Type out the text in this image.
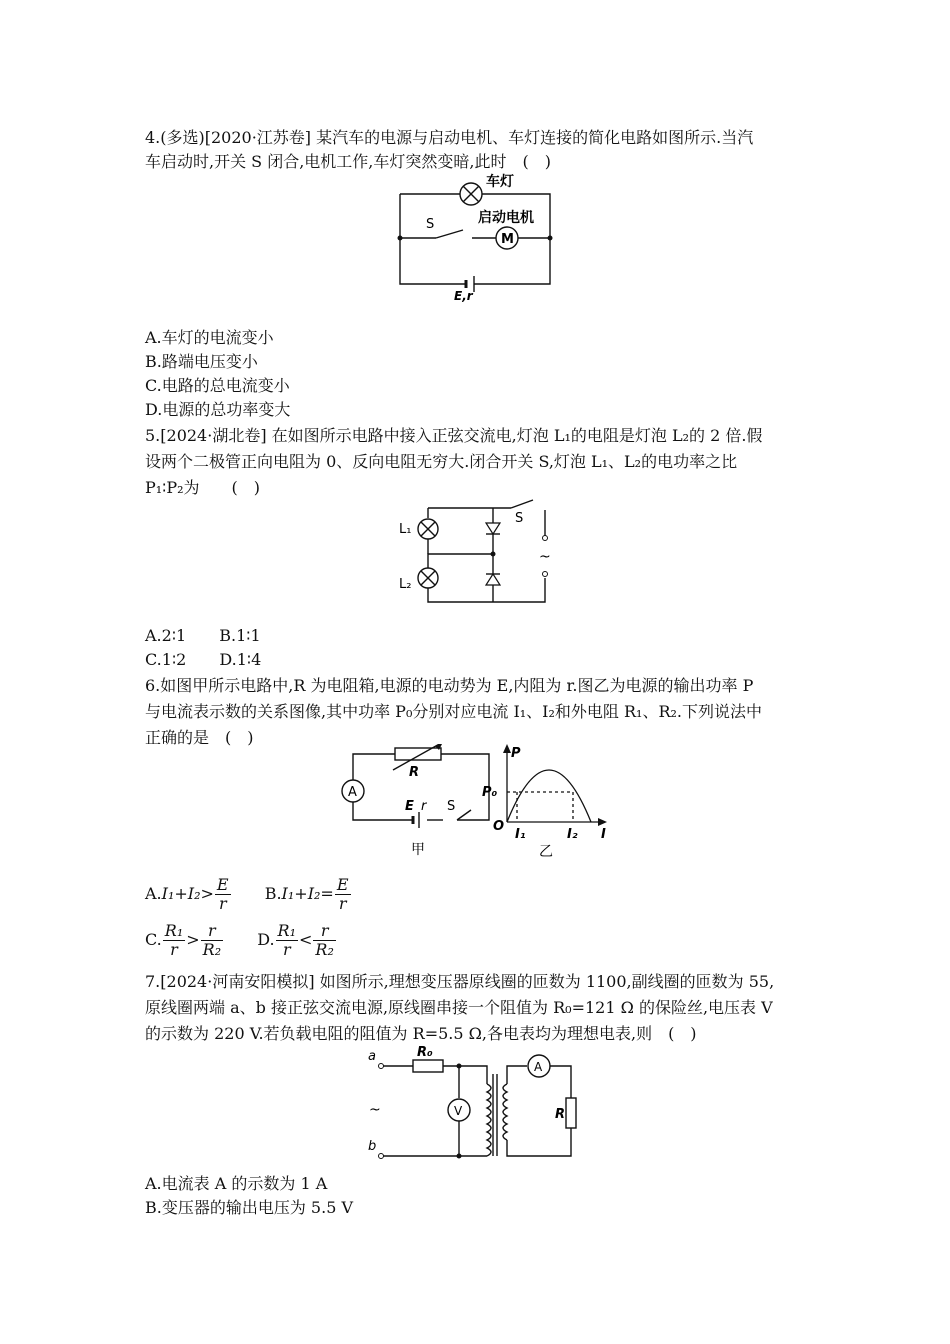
4.(多选)[2020·江苏卷] 某汽车的电源与启动电机、车灯连接的简化电路如图所示.当汽
车启动时,开关 S 闭合,电机工作,车灯突然变暗,此时　(　)
车灯
启动电机
M
S
E,r
A.车灯的电流变小
B.路端电压变小
C.电路的总电流变小
D.电源的总功率变大
5.[2024·湖北卷] 在如图所示电路中接入正弦交流电,灯泡 L₁的电阻是灯泡 L₂的 2 倍.假
设两个二极管正向电阻为 0、反向电阻无穷大.闭合开关 S,灯泡 L₁、L₂的电功率之比
P₁∶P₂为　　(　)
L₁
L₂
S
~
A.2∶1 B.1∶1
C.1∶2 D.1∶4
6.如图甲所示电路中,R 为电阻箱,电源的电动势为 E,内阻为 r.图乙为电源的输出功率 P
与电流表示数的关系图像,其中功率 P₀分别对应电流 I₁、I₂和外电阻 R₁、R₂.下列说法中
正确的是　(　)
A
R
E r S
甲
P
P₀
O
I₁	I₂ I
乙
$A.I_1+I_2> \frac{E}{r} B.I_1+I_2= \frac{E}{r}$
C. $\frac{\text{R₁}}{r} > \frac{r}{\text{R₂}} D$. $\frac{\text{R₁}}{r} < \frac{r}{\text{R₂}}$
7.[2024·河南安阳模拟] 如图所示,理想变压器原线圈的匝数为 1100,副线圈的匝数为 55,
原线圈两端 a、b 接正弦交流电源,原线圈串接一个阻值为 R₀=121 Ω 的保险丝,电压表 V
的示数为 220 V.若负载电阻的阻值为 R=5.5 Ω,各电表均为理想电表,则　(　)
a
b
R₀
~	V
A
R
A.电流表 A 的示数为 1 A
B.变压器的输出电压为 5.5 V
